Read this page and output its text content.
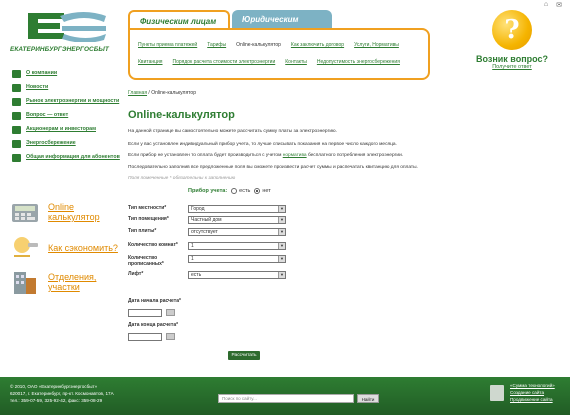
⌂ ✉
ЕКАТЕРИНБУРГЭНЕРГОСБЫТ
Физическим лицам	Юридическим
Пункты приема платежей Тарифы Online-калькулятор Как заключить договор Услуги, Нормативы
Квитанция Порядок расчета стоимости электроэнергии Контакты Недопустимость энергосбережения
?
Возник вопрос?
Получите ответ
О компании
Новости
Рынок электроэнергии и мощности
Вопрос — ответ
Акционерам и инвесторам
Энергосбережение
Общая информация для абонентов
Online калькулятор
Как сэкономить?
Отделения, участки
Главная / Online-калькулятор
Online-калькулятор
На данной странице вы самостоятельно можете рассчитать сумму платы за электроэнергию.
Если у вас установлен индивидуальный прибор учета, то лучше списывать показания на первое число каждого месяца.
Если прибор не установлен то оплата будет производиться с учетом норматива бесплатного потребления электроэнергии.
Последовательно заполнив все предложенные поля вы сможете произвести расчет суммы и распечатать квитанцию для оплаты.
Поля помеченные * обязательны к заполнению
Прибор учета: есть нет
Тип местности*	Город	▼
Тип помещения*	Частный дом	▼
Тип плиты*	отсутствует	▼
Количество комнат*	1	▼
Количество прописанных*
1	▼
Лифт*	есть	▼
Дата начала расчета*
Дата конца расчета*
Рассчитать
© 2010, ОАО «Екатеринбургэнергосбыт»
620017, г. Екатеринбург, пр-кт. Космонавтов, 17А
тел.: 359-07-59, 325-92-42, факс: 359-08-29	Поиск по сайту...	Найти
«Сумма технологий»
Создание сайта
Продвижение сайта
